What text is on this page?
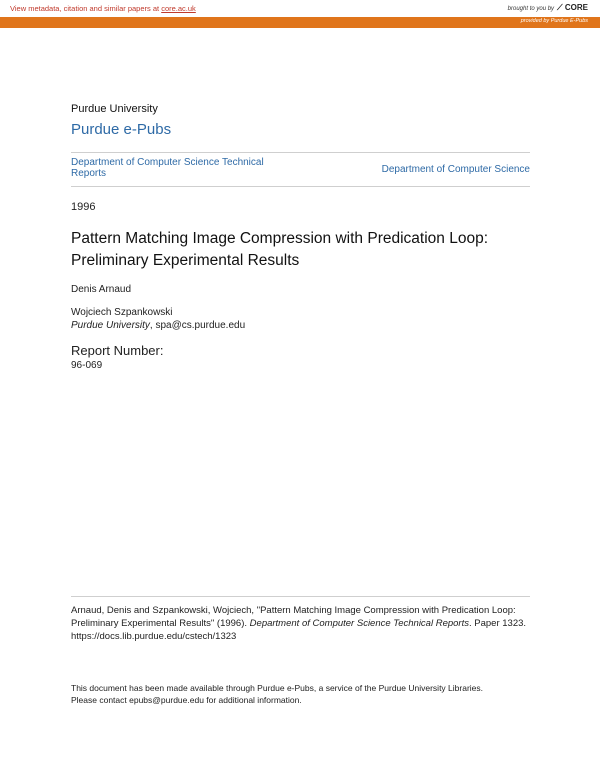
View metadata, citation and similar papers at core.ac.uk	brought to you by ⟋ CORE
provided by Purdue E-Pubs
Purdue University
Purdue e-Pubs
Department of Computer Science Technical Reports	Department of Computer Science
1996
Pattern Matching Image Compression with Predication Loop: Preliminary Experimental Results
Denis Arnaud
Wojciech Szpankowski
Purdue University, spa@cs.purdue.edu
Report Number:
96-069
Arnaud, Denis and Szpankowski, Wojciech, "Pattern Matching Image Compression with Predication Loop: Preliminary Experimental Results" (1996). Department of Computer Science Technical Reports. Paper 1323.
https://docs.lib.purdue.edu/cstech/1323
This document has been made available through Purdue e-Pubs, a service of the Purdue University Libraries.
Please contact epubs@purdue.edu for additional information.
